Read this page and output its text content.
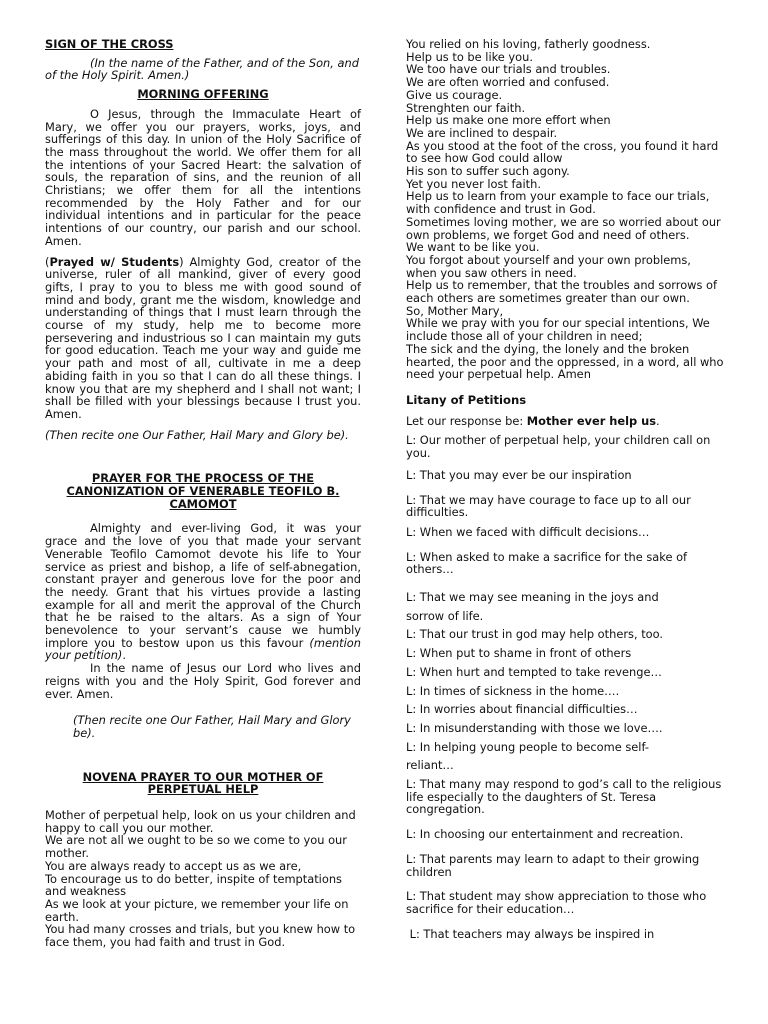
SIGN OF THE CROSS

(In the name of the Father, and of the Son, and of the Holy Spirit. Amen.)

MORNING OFFERING

O Jesus, through the Immaculate Heart of Mary, we offer you our prayers, works, joys, and sufferings of this day. In union of the Holy Sacrifice of the mass throughout the world. We offer them for all the intentions of your Sacred Heart: the salvation of souls, the reparation of sins, and the reunion of all Christians; we offer them for all the intentions recommended by the Holy Father and for our individual intentions and in particular for the peace intentions of our country, our parish and our school. Amen.

(Prayed w/ Students) Almighty God, creator of the universe, ruler of all mankind, giver of every good gifts, I pray to you to bless me with good sound of mind and body, grant me the wisdom, knowledge and understanding of things that I must learn through the course of my study, help me to become more persevering and industrious so I can maintain my guts for good education. Teach me your way and guide me your path and most of all, cultivate in me a deep abiding faith in you so that I can do all these things. I know you that are my shepherd and I shall not want; I shall be filled with your blessings because I trust you. Amen.

(Then recite one Our Father, Hail Mary and Glory be).

PRAYER FOR THE PROCESS OF THE CANONIZATION OF VENERABLE TEOFILO B. CAMOMOT

Almighty and ever-living God, it was your grace and the love of you that made your servant Venerable Teofilo Camomot devote his life to Your service as priest and bishop, a life of self-abnegation, constant prayer and generous love for the poor and the needy. Grant that his virtues provide a lasting example for all and merit the approval of the Church that he be raised to the altars. As a sign of Your benevolence to your servant’s cause we humbly implore you to bestow upon us this favour (mention your petition).

In the name of Jesus our Lord who lives and reigns with you and the Holy Spirit, God forever and ever. Amen.

(Then recite one Our Father, Hail Mary and Glory be).

NOVENA PRAYER TO OUR MOTHER OF PERPETUAL HELP

Mother of perpetual help, look on us your children and happy to call you our mother.

We are not all we ought to be so we come to you our mother.

You are always ready to accept us as we are,

To encourage us to do better, inspite of temptations and weakness

As we look at your picture, we remember your life on earth.

You had many crosses and trials, but you knew how to face them, you had faith and trust in God.

You relied on his loving, fatherly goodness.

Help us to be like you.

We too have our trials and troubles.

We are often worried and confused.

Give us courage.

Strenghten our faith.

Help us make one more effort when

We are inclined to despair.

As you stood at the foot of the cross, you found it hard to see how God could allow

His son to suffer such agony.

Yet you never lost faith.

Help us to learn from your example to face our trials, with confidence and trust in God.

Sometimes loving mother, we are so worried about our own problems, we forget God and need of others.

We want to be like you.

You forgot about yourself and your own problems, when you saw others in need.

Help us to remember, that the troubles and sorrows of each others are sometimes greater than our own.

So, Mother Mary,

While we pray with you for our special intentions, We include those all of your children in need;

The sick and the dying, the lonely and the broken hearted, the poor and the oppressed, in a word, all who need your perpetual help. Amen

Litany of Petitions

Let our response be: Mother ever help us.

L: Our mother of perpetual help, your children call on you.

L: That you may ever be our inspiration

L: That we may have courage to face up to all our difficulties.

L: When we faced with difficult decisions…

L: When asked to make a sacrifice for the sake of others…

L: That we may see meaning in the joys and

sorrow of life.

L: That our trust in god may help others, too.

L: When put to shame in front of others

L: When hurt and tempted to take revenge…

L: In times of sickness in the home….

L: In worries about financial difficulties…

L: In misunderstanding with those we love….

L: In helping young people to become self-

reliant…

L: That many may respond to god’s call to the religious life especially to the daughters of St. Teresa congregation.

L: In choosing our entertainment and recreation.

L: That parents may learn to adapt to their growing children

L: That student may show appreciation to those who sacrifice for their education…

L: That teachers may always be inspired in
